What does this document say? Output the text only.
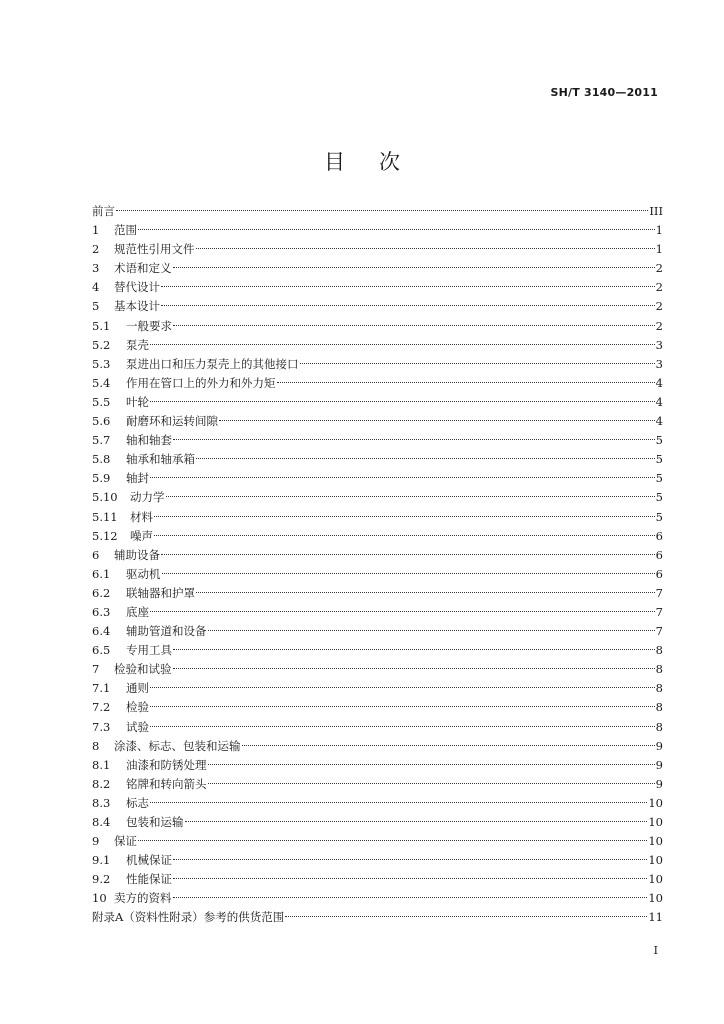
SH/T 3140—2011
目次
前言	III
1	范围	1
2	规范性引用文件	1
3	术语和定义	2
4	替代设计	2
5	基本设计	2
5.1	一般要求	2
5.2	泵壳	3
5.3	泵进出口和压力泵壳上的其他接口	3
5.4	作用在管口上的外力和外力矩	4
5.5	叶轮	4
5.6	耐磨环和运转间隙	4
5.7	轴和轴套	5
5.8	轴承和轴承箱	5
5.9	轴封	5
5.10	动力学	5
5.11	材料	5
5.12	噪声	6
6	辅助设备	6
6.1	驱动机	6
6.2	联轴器和护罩	7
6.3	底座	7
6.4	辅助管道和设备	7
6.5	专用工具	8
7	检验和试验	8
7.1	通则	8
7.2	检验	8
7.3	试验	8
8	涂漆、标志、包装和运输	9
8.1	油漆和防锈处理	9
8.2	铭牌和转向箭头	9
8.3	标志	10
8.4	包装和运输	10
9	保证	10
9.1	机械保证	10
9.2	性能保证	10
10 卖方的资料	10
附录A（资料性附录）参考的供货范围	11
I
